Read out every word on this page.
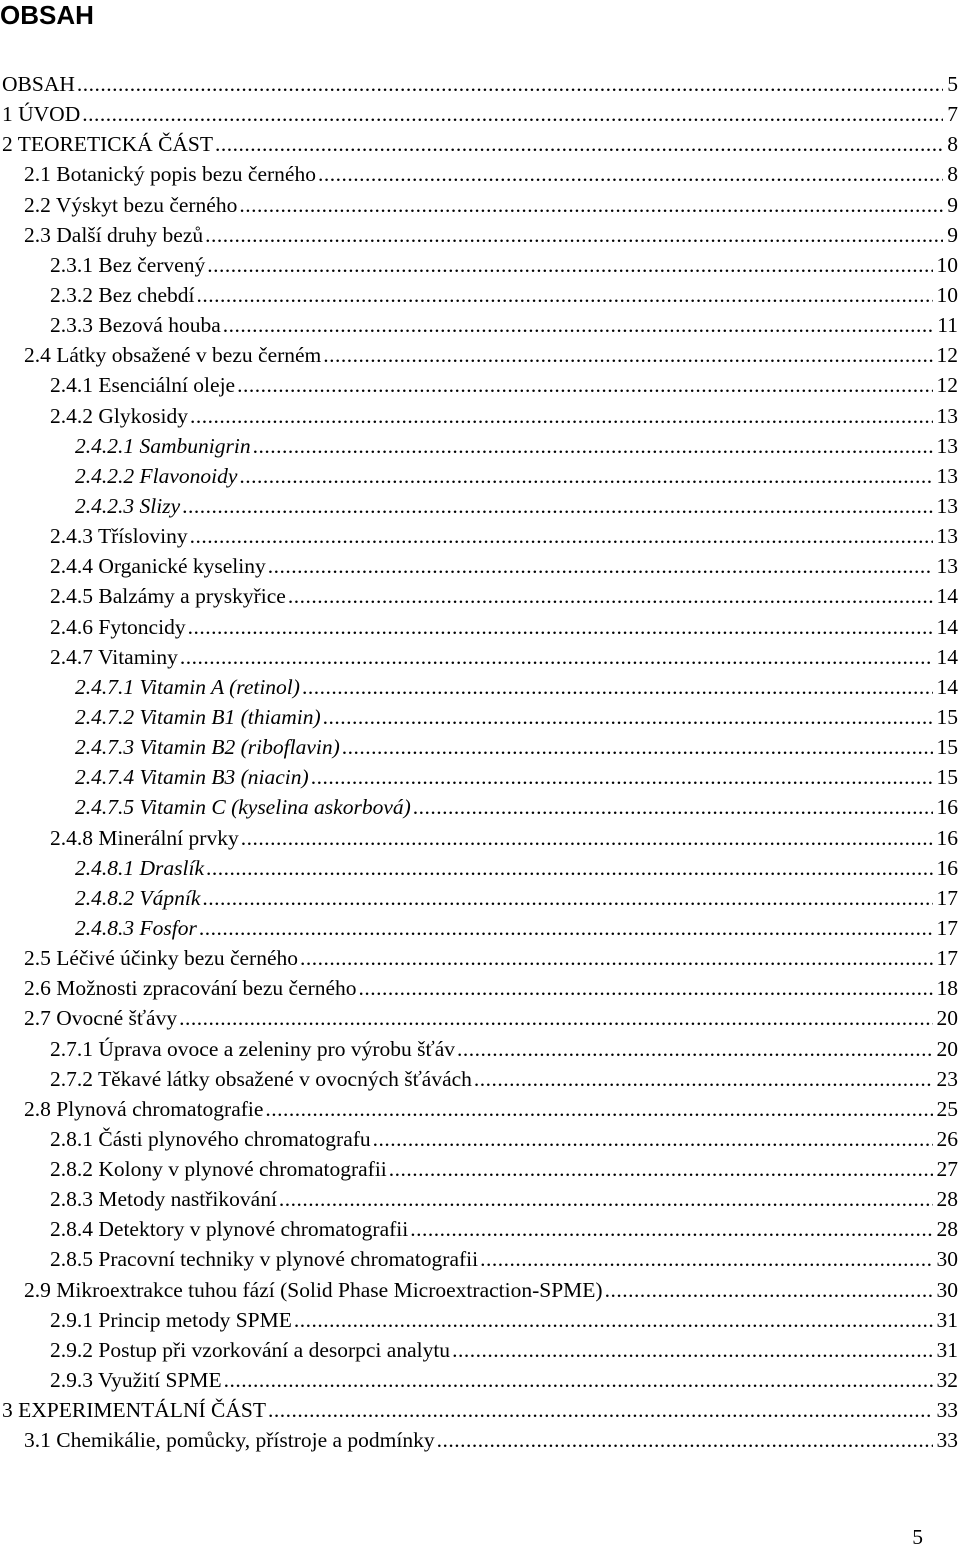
OBSAH
OBSAH .....	5
1 ÚVOD .....	7
2 TEORETICKÁ ČÁST .....	8
2.1 Botanický popis bezu černého .....	8
2.2 Výskyt bezu černého .....	9
2.3 Další druhy bezů .....	9
2.3.1 Bez červený .....	10
2.3.2 Bez chebdí .....	10
2.3.3 Bezová houba .....	11
2.4 Látky obsažené v bezu černém .....	12
2.4.1 Esenciální oleje .....	12
2.4.2 Glykosidy .....	13
2.4.2.1 Sambunigrin .....	13
2.4.2.2 Flavonoidy .....	13
2.4.2.3 Slizy .....	13
2.4.3 Třísloviny .....	13
2.4.4 Organické kyseliny .....	13
2.4.5 Balzámy a pryskyřice .....	14
2.4.6 Fytoncidy .....	14
2.4.7 Vitaminy .....	14
2.4.7.1 Vitamin A (retinol) .....	14
2.4.7.2 Vitamin B1 (thiamin) .....	15
2.4.7.3 Vitamin B2 (riboflavin) .....	15
2.4.7.4 Vitamin B3 (niacin) .....	15
2.4.7.5 Vitamin C (kyselina askorbová) .....	16
2.4.8 Minerální prvky .....	16
2.4.8.1 Draslík .....	16
2.4.8.2 Vápník .....	17
2.4.8.3 Fosfor .....	17
2.5 Léčivé účinky bezu černého .....	17
2.6 Možnosti zpracování bezu černého .....	18
2.7 Ovocné šťávy .....	20
2.7.1 Úprava ovoce a zeleniny pro výrobu šťáv .....	20
2.7.2 Těkavé látky obsažené v ovocných šťávách .....	23
2.8 Plynová chromatografie .....	25
2.8.1 Části plynového chromatografu .....	26
2.8.2 Kolony v plynové chromatografii .....	27
2.8.3 Metody nastřikování .....	28
2.8.4 Detektory v plynové chromatografii .....	28
2.8.5 Pracovní techniky v plynové chromatografii .....	30
2.9 Mikroextrakce tuhou fází (Solid Phase Microextraction-SPME) .....	30
2.9.1 Princip metody SPME .....	31
2.9.2 Postup při vzorkování a desorpci analytu .....	31
2.9.3 Využití SPME .....	32
3 EXPERIMENTÁLNÍ ČÁST .....	33
3.1 Chemikálie, pomůcky, přístroje a podmínky .....	33
5
